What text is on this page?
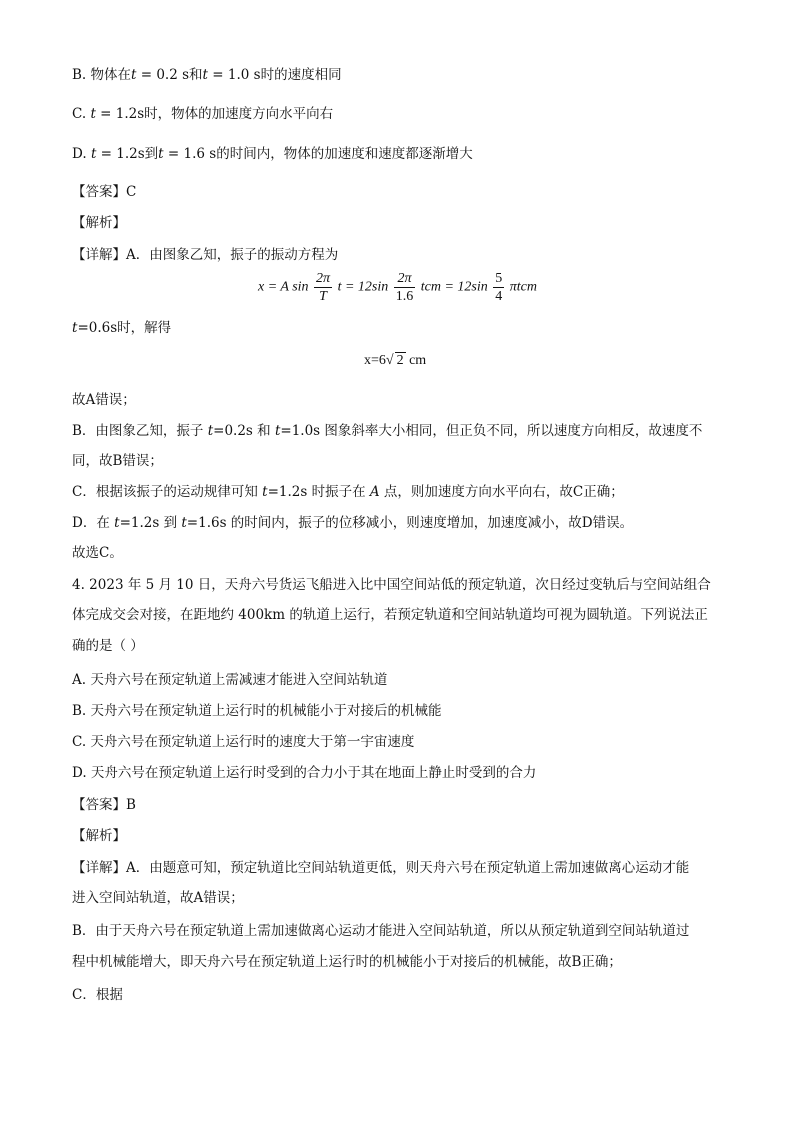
B. 物体在t = 0.2 s和t = 1.0 s时的速度相同
C. t = 1.2s时，物体的加速度方向水平向右
D. t = 1.2s到t = 1.6 s的时间内，物体的加速度和速度都逐渐增大
【答案】C
【解析】
【详解】A．由图象乙知，振子的振动方程为
x = A $\sin \frac{2\pi}{T}$ $t = 12\sin \frac{2\pi}{1.6}$ tcm = $12\sin \frac{5}{4}$ πtcm
t=0.6s时，解得
x=6√ 2 cm
故A错误；
B．由图象乙知，振子 t=0.2s 和 t=1.0s 图象斜率大小相同，但正负不同，所以速度方向相反，故速度不
同，故B错误；
C．根据该振子的运动规律可知 t=1.2s 时振子在 A 点，则加速度方向水平向右，故C正确；
D．在 t=1.2s 到 t=1.6s 的时间内，振子的位移减小，则速度增加，加速度减小，故D错误。
故选C。
4. 2023 年 5 月 10 日，天舟六号货运飞船进入比中国空间站低的预定轨道，次日经过变轨后与空间站组合
体完成交会对接，在距地约 400km 的轨道上运行，若预定轨道和空间站轨道均可视为圆轨道。下列说法正
确的是（ ）
A. 天舟六号在预定轨道上需减速才能进入空间站轨道
B. 天舟六号在预定轨道上运行时的机械能小于对接后的机械能
C. 天舟六号在预定轨道上运行时的速度大于第一宇宙速度
D. 天舟六号在预定轨道上运行时受到的合力小于其在地面上静止时受到的合力
【答案】B
【解析】
【详解】A．由题意可知，预定轨道比空间站轨道更低，则天舟六号在预定轨道上需加速做离心运动才能
进入空间站轨道，故A错误；
B．由于天舟六号在预定轨道上需加速做离心运动才能进入空间站轨道，所以从预定轨道到空间站轨道过
程中机械能增大，即天舟六号在预定轨道上运行时的机械能小于对接后的机械能，故B正确；
C．根据
